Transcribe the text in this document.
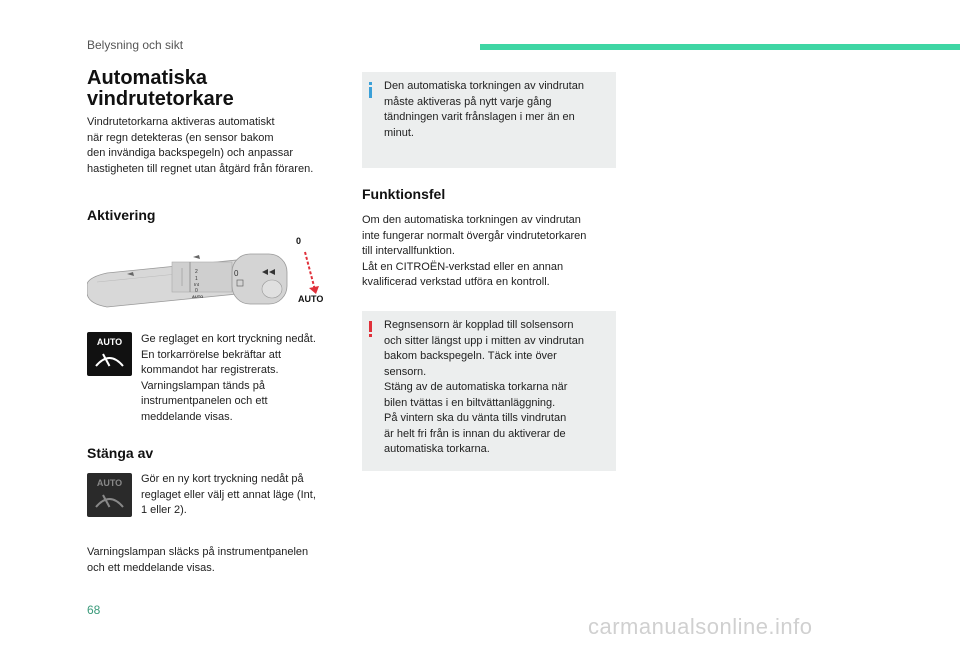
Belysning och sikt
Automatiska
vindrutetorkare
Vindrutetorkarna aktiveras automatiskt
när regn detekteras (en sensor bakom
den invändiga backspegeln) och anpassar
hastigheten till regnet utan åtgärd från föraren.
Aktivering
2
1
Int
0
AUTO
0
0
AUTO
AUTO Ge reglaget en kort tryckning nedåt.
En torkarrörelse bekräftar att
kommandot har registrerats.
Varningslampan tänds på
instrumentpanelen och ett
meddelande visas.
Stänga av
AUTO Gör en ny kort tryckning nedåt på
reglaget eller välj ett annat läge (Int,
1 eller 2).
Varningslampan släcks på instrumentpanelen
och ett meddelande visas.
Den automatiska torkningen av vindrutan
måste aktiveras på nytt varje gång
tändningen varit frånslagen i mer än en
minut.
Funktionsfel
Om den automatiska torkningen av vindrutan
inte fungerar normalt övergår vindrutetorkaren
till intervallfunktion.
Låt en CITROËN-verkstad eller en annan
kvalificerad verkstad utföra en kontroll.
Regnsensorn är kopplad till solsensorn
och sitter längst upp i mitten av vindrutan
bakom backspegeln. Täck inte över
sensorn.
Stäng av de automatiska torkarna när
bilen tvättas i en biltvättanläggning.
På vintern ska du vänta tills vindrutan
är helt fri från is innan du aktiverar de
automatiska torkarna.
68
carmanualsonline.info
